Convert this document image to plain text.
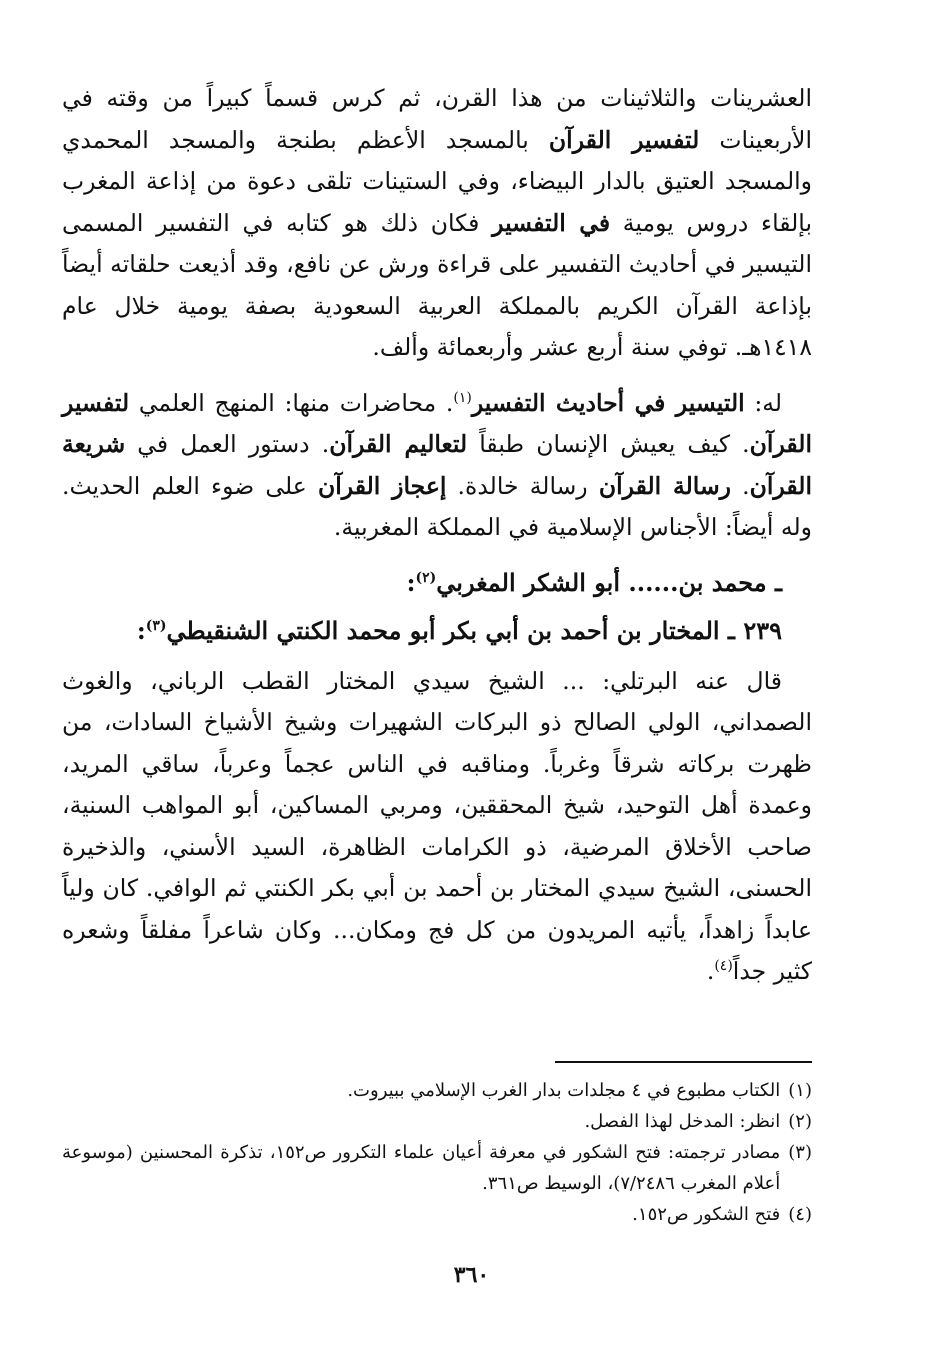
العشرينات والثلاثينات من هذا القرن، ثم كرس قسماً كبيراً من وقته في الأربعينات لتفسير القرآن بالمسجد الأعظم بطنجة والمسجد المحمدي والمسجد العتيق بالدار البيضاء، وفي الستينات تلقى دعوة من إذاعة المغرب بإلقاء دروس يومية في التفسير فكان ذلك هو كتابه في التفسير المسمى التيسير في أحاديث التفسير على قراءة ورش عن نافع، وقد أذيعت حلقاته أيضاً بإذاعة القرآن الكريم بالمملكة العربية السعودية بصفة يومية خلال عام ١٤١٨هـ. توفي سنة أربع عشر وأربعمائة وألف.

له: التيسير في أحاديث التفسير$^{(١)}$. محاضرات منها: المنهج العلمي لتفسير القرآن. كيف يعيش الإنسان طبقاً لتعاليم القرآن. دستور العمل في شريعة القرآن. رسالة القرآن رسالة خالدة. إعجاز القرآن على ضوء العلم الحديث. وله أيضاً: الأجناس الإسلامية في المملكة المغربية.

ـ محمد بن...... أبو الشكر المغربي$^{(٢)}$:

٢٣٩ ـ المختار بن أحمد بن أبي بكر أبو محمد الكنتي الشنقيطي$^{(٣)}$:

قال عنه البرتلي: ... الشيخ سيدي المختار القطب الرباني، والغوث الصمداني، الولي الصالح ذو البركات الشهيرات وشيخ الأشياخ السادات، من ظهرت بركاته شرقاً وغرباً. ومناقبه في الناس عجماً وعرباً، ساقي المريد، وعمدة أهل التوحيد، شيخ المحققين، ومربي المساكين، أبو المواهب السنية، صاحب الأخلاق المرضية، ذو الكرامات الظاهرة، السيد الأسني، والذخيرة الحسنى، الشيخ سيدي المختار بن أحمد بن أبي بكر الكنتي ثم الوافي. كان ولياً عابداً زاهداً، يأتيه المريدون من كل فج ومكان... وكان شاعراً مفلقاً وشعره كثير جداً$^{(٤)}$.

(١)
الكتاب مطبوع في ٤ مجلدات بدار الغرب الإسلامي ببيروت.
(٢)
انظر: المدخل لهذا الفصل.
(٣)
مصادر ترجمته: فتح الشكور في معرفة أعيان علماء التكرور ص١٥٢، تذكرة المحسنين (موسوعة أعلام المغرب ٧/٢٤٨٦)، الوسيط ص٣٦١.
(٤)
فتح الشكور ص١٥٢.
٣٦٠
